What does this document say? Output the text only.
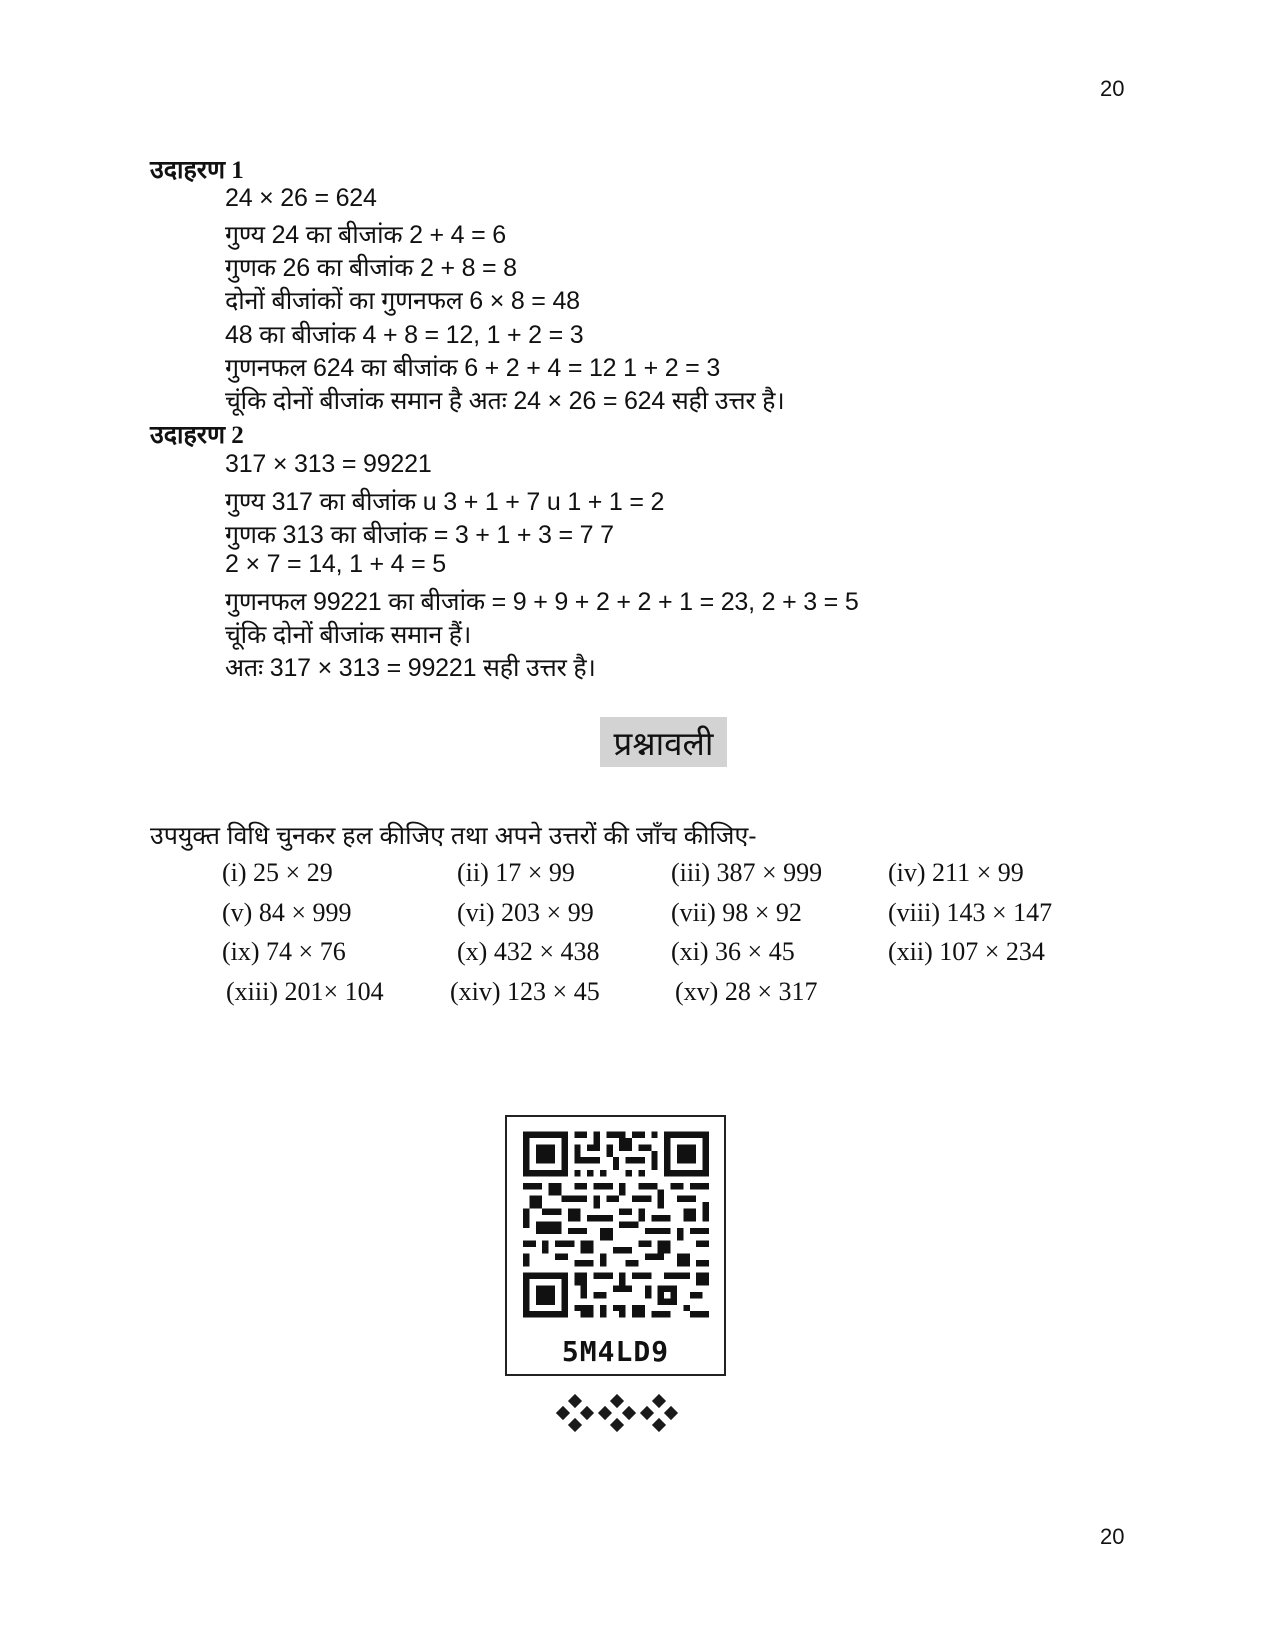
20
उदाहरण 1
24 × 26 = 624
गुण्य 24 का बीजांक 2 + 4 = 6
गुणक 26 का बीजांक 2 + 8 = 8
दोनों बीजांकों का गुणनफल 6 × 8 = 48
48 का बीजांक 4 + 8 = 12, 1 + 2 = 3
गुणनफल 624 का बीजांक 6 + 2 + 4 = 12 1 + 2 = 3
चूंकि दोनों बीजांक समान है अतः 24 × 26 = 624 सही उत्तर है।
उदाहरण 2
317 × 313 = 99221
गुण्य 317 का बीजांक u 3 + 1 + 7 u 1 + 1 = 2
गुणक 313 का बीजांक = 3 + 1 + 3 = 7 7
2 × 7 = 14, 1 + 4 = 5
गुणनफल 99221 का बीजांक = 9 + 9 + 2 + 2 + 1 = 23, 2 + 3 = 5
चूंकि दोनों बीजांक समान हैं।
अतः 317 × 313 = 99221 सही उत्तर है।
प्रश्नावली
उपयुक्त विधि चुनकर हल कीजिए तथा अपने उत्तरों की जाँच कीजिए-
(i) 25 × 29	(ii) 17 × 99	(iii) 387 × 999	(iv) 211 × 99
(v) 84 × 999	(vi) 203 × 99	(vii) 98 × 92	(viii) 143 × 147
(ix) 74 × 76	(x) 432 × 438	(xi) 36 × 45	(xii) 107 × 234
(xiii) 201× 104	(xiv) 123 × 45	(xv) 28 × 317
5M4LD9
20
